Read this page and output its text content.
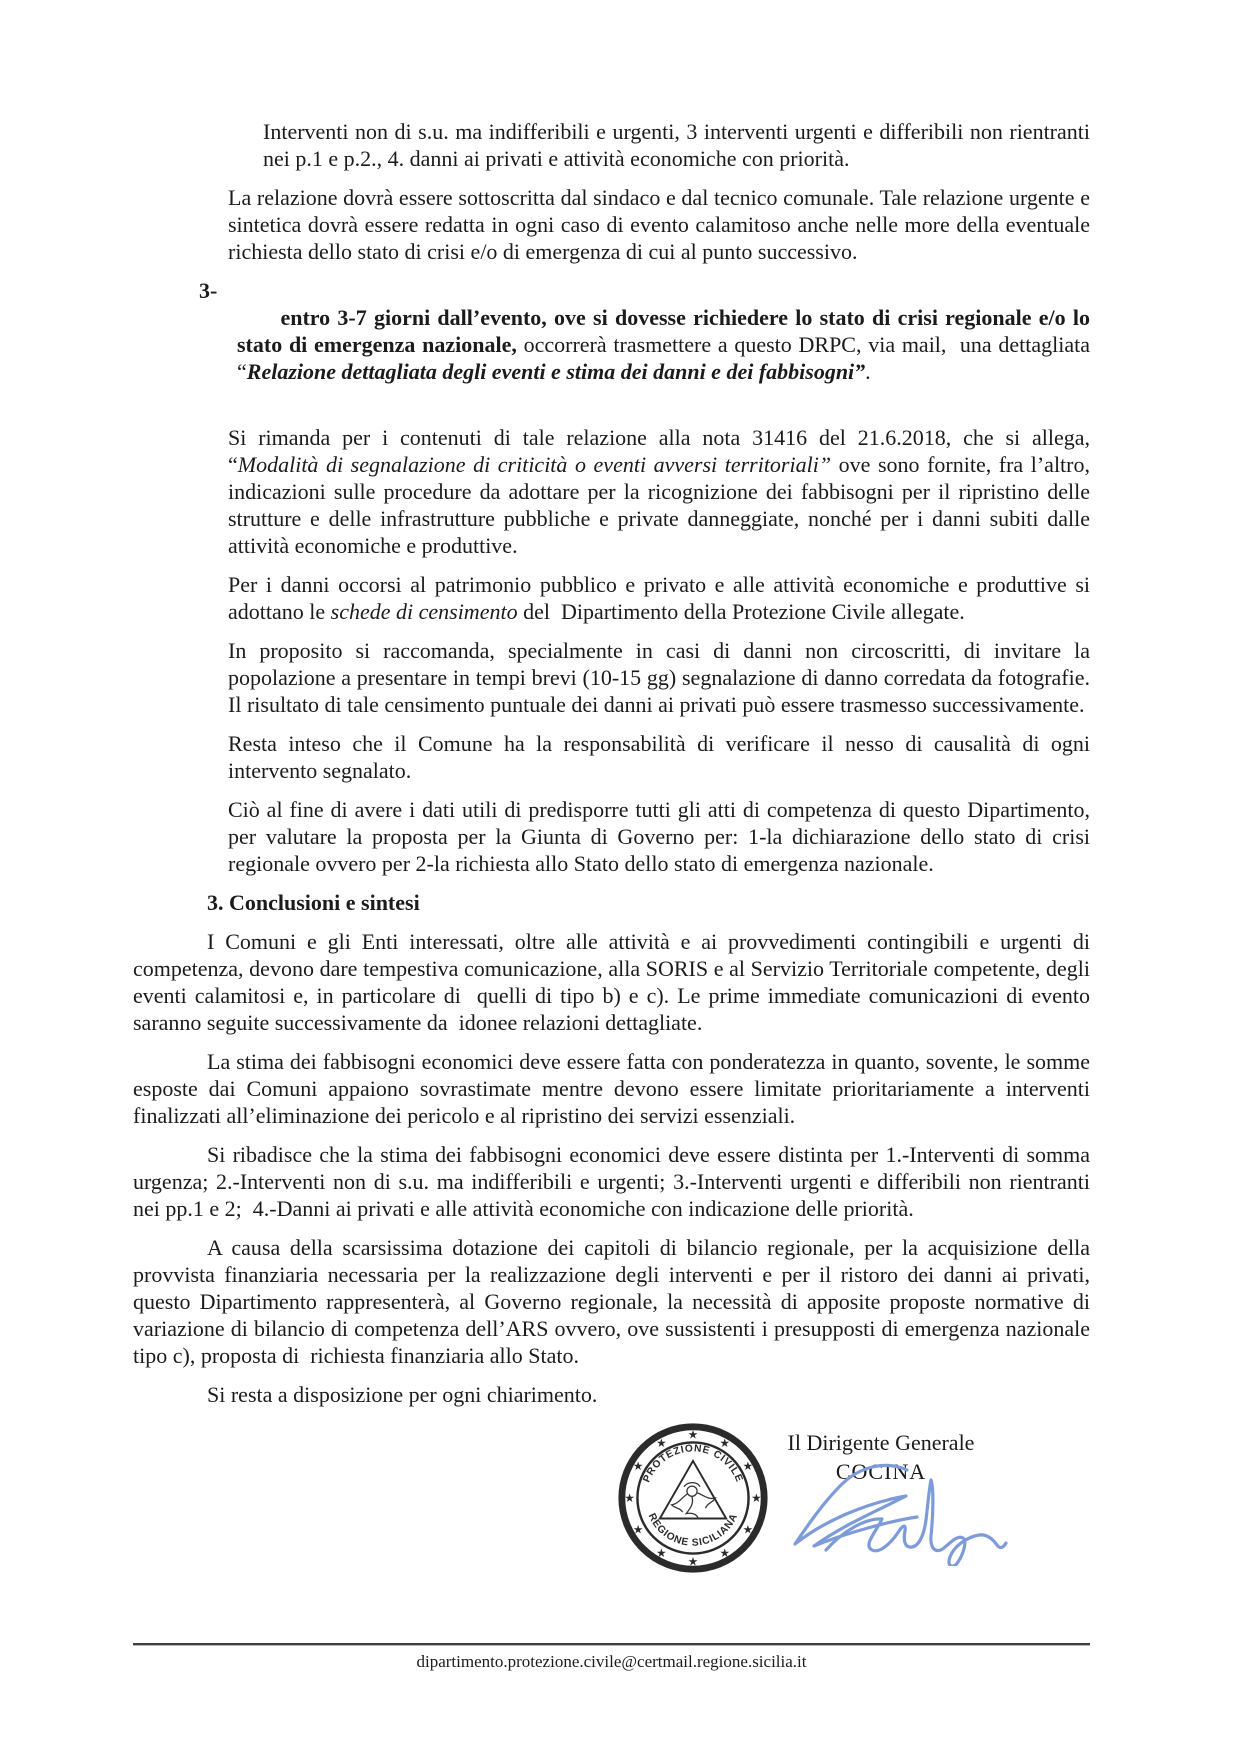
Interventi non di s.u. ma indifferibili e urgenti, 3 interventi urgenti e differibili non rientranti nei p.1 e p.2., 4. danni ai privati e attività economiche con priorità.

La relazione dovrà essere sottoscritta dal sindaco e dal tecnico comunale. Tale relazione urgente e sintetica dovrà essere redatta in ogni caso di evento calamitoso anche nelle more della eventuale richiesta dello stato di crisi e/o di emergenza di cui al punto successivo.

3-
entro 3-7 giorni dall’evento, ove si dovesse richiedere lo stato di crisi regionale e/o lo stato di emergenza nazionale, occorrerà trasmettere a questo DRPC, via mail,  una dettagliata “Relazione dettagliata degli eventi e stima dei danni e dei fabbisogni”.

Si rimanda per i contenuti di tale relazione alla nota 31416 del 21.6.2018, che si allega, “Modalità di segnalazione di criticità o eventi avversi territoriali” ove sono fornite, fra l’altro, indicazioni sulle procedure da adottare per la ricognizione dei fabbisogni per il ripristino delle strutture e delle infrastrutture pubbliche e private danneggiate, nonché per i danni subiti dalle attività economiche e produttive.

Per i danni occorsi al patrimonio pubblico e privato e alle attività economiche e produttive si adottano le schede di censimento del  Dipartimento della Protezione Civile allegate.

In proposito si raccomanda, specialmente in casi di danni non circoscritti, di invitare la popolazione a presentare in tempi brevi (10-15 gg) segnalazione di danno corredata da fotografie. Il risultato di tale censimento puntuale dei danni ai privati può essere trasmesso successivamente.

Resta inteso che il Comune ha la responsabilità di verificare il nesso di causalità di ogni intervento segnalato.

Ciò al fine di avere i dati utili di predisporre tutti gli atti di competenza di questo Dipartimento, per valutare la proposta per la Giunta di Governo per: 1-la dichiarazione dello stato di crisi regionale ovvero per 2-la richiesta allo Stato dello stato di emergenza nazionale.

3. Conclusioni e sintesi

I Comuni e gli Enti interessati, oltre alle attività e ai provvedimenti contingibili e urgenti di competenza, devono dare tempestiva comunicazione, alla SORIS e al Servizio Territoriale competente, degli eventi calamitosi e, in particolare di  quelli di tipo b) e c). Le prime immediate comunicazioni di evento saranno seguite successivamente da  idonee relazioni dettagliate.

La stima dei fabbisogni economici deve essere fatta con ponderatezza in quanto, sovente, le somme esposte dai Comuni appaiono sovrastimate mentre devono essere limitate prioritariamente a interventi finalizzati all’eliminazione dei pericolo e al ripristino dei servizi essenziali.

Si ribadisce che la stima dei fabbisogni economici deve essere distinta per 1.-Interventi di somma urgenza; 2.-Interventi non di s.u. ma indifferibili e urgenti; 3.-Interventi urgenti e differibili non rientranti nei pp.1 e 2;  4.-Danni ai privati e alle attività economiche con indicazione delle priorità.

A causa della scarsissima dotazione dei capitoli di bilancio regionale, per la acquisizione della provvista finanziaria necessaria per la realizzazione degli interventi e per il ristoro dei danni ai privati, questo Dipartimento rappresenterà, al Governo regionale, la necessità di apposite proposte normative di variazione di bilancio di competenza dell’ARS ovvero, ove sussistenti i presupposti di emergenza nazionale tipo c), proposta di  richiesta finanziaria allo Stato.

Si resta a disposizione per ogni chiarimento.

★
★
★
★
★
★
★
★
★
★
★
★
PROTEZIONE CIVILE
REGIONE SICILIANA
Il Dirigente Generale
COCINA
dipartimento.protezione.civile@certmail.regione.sicilia.it
